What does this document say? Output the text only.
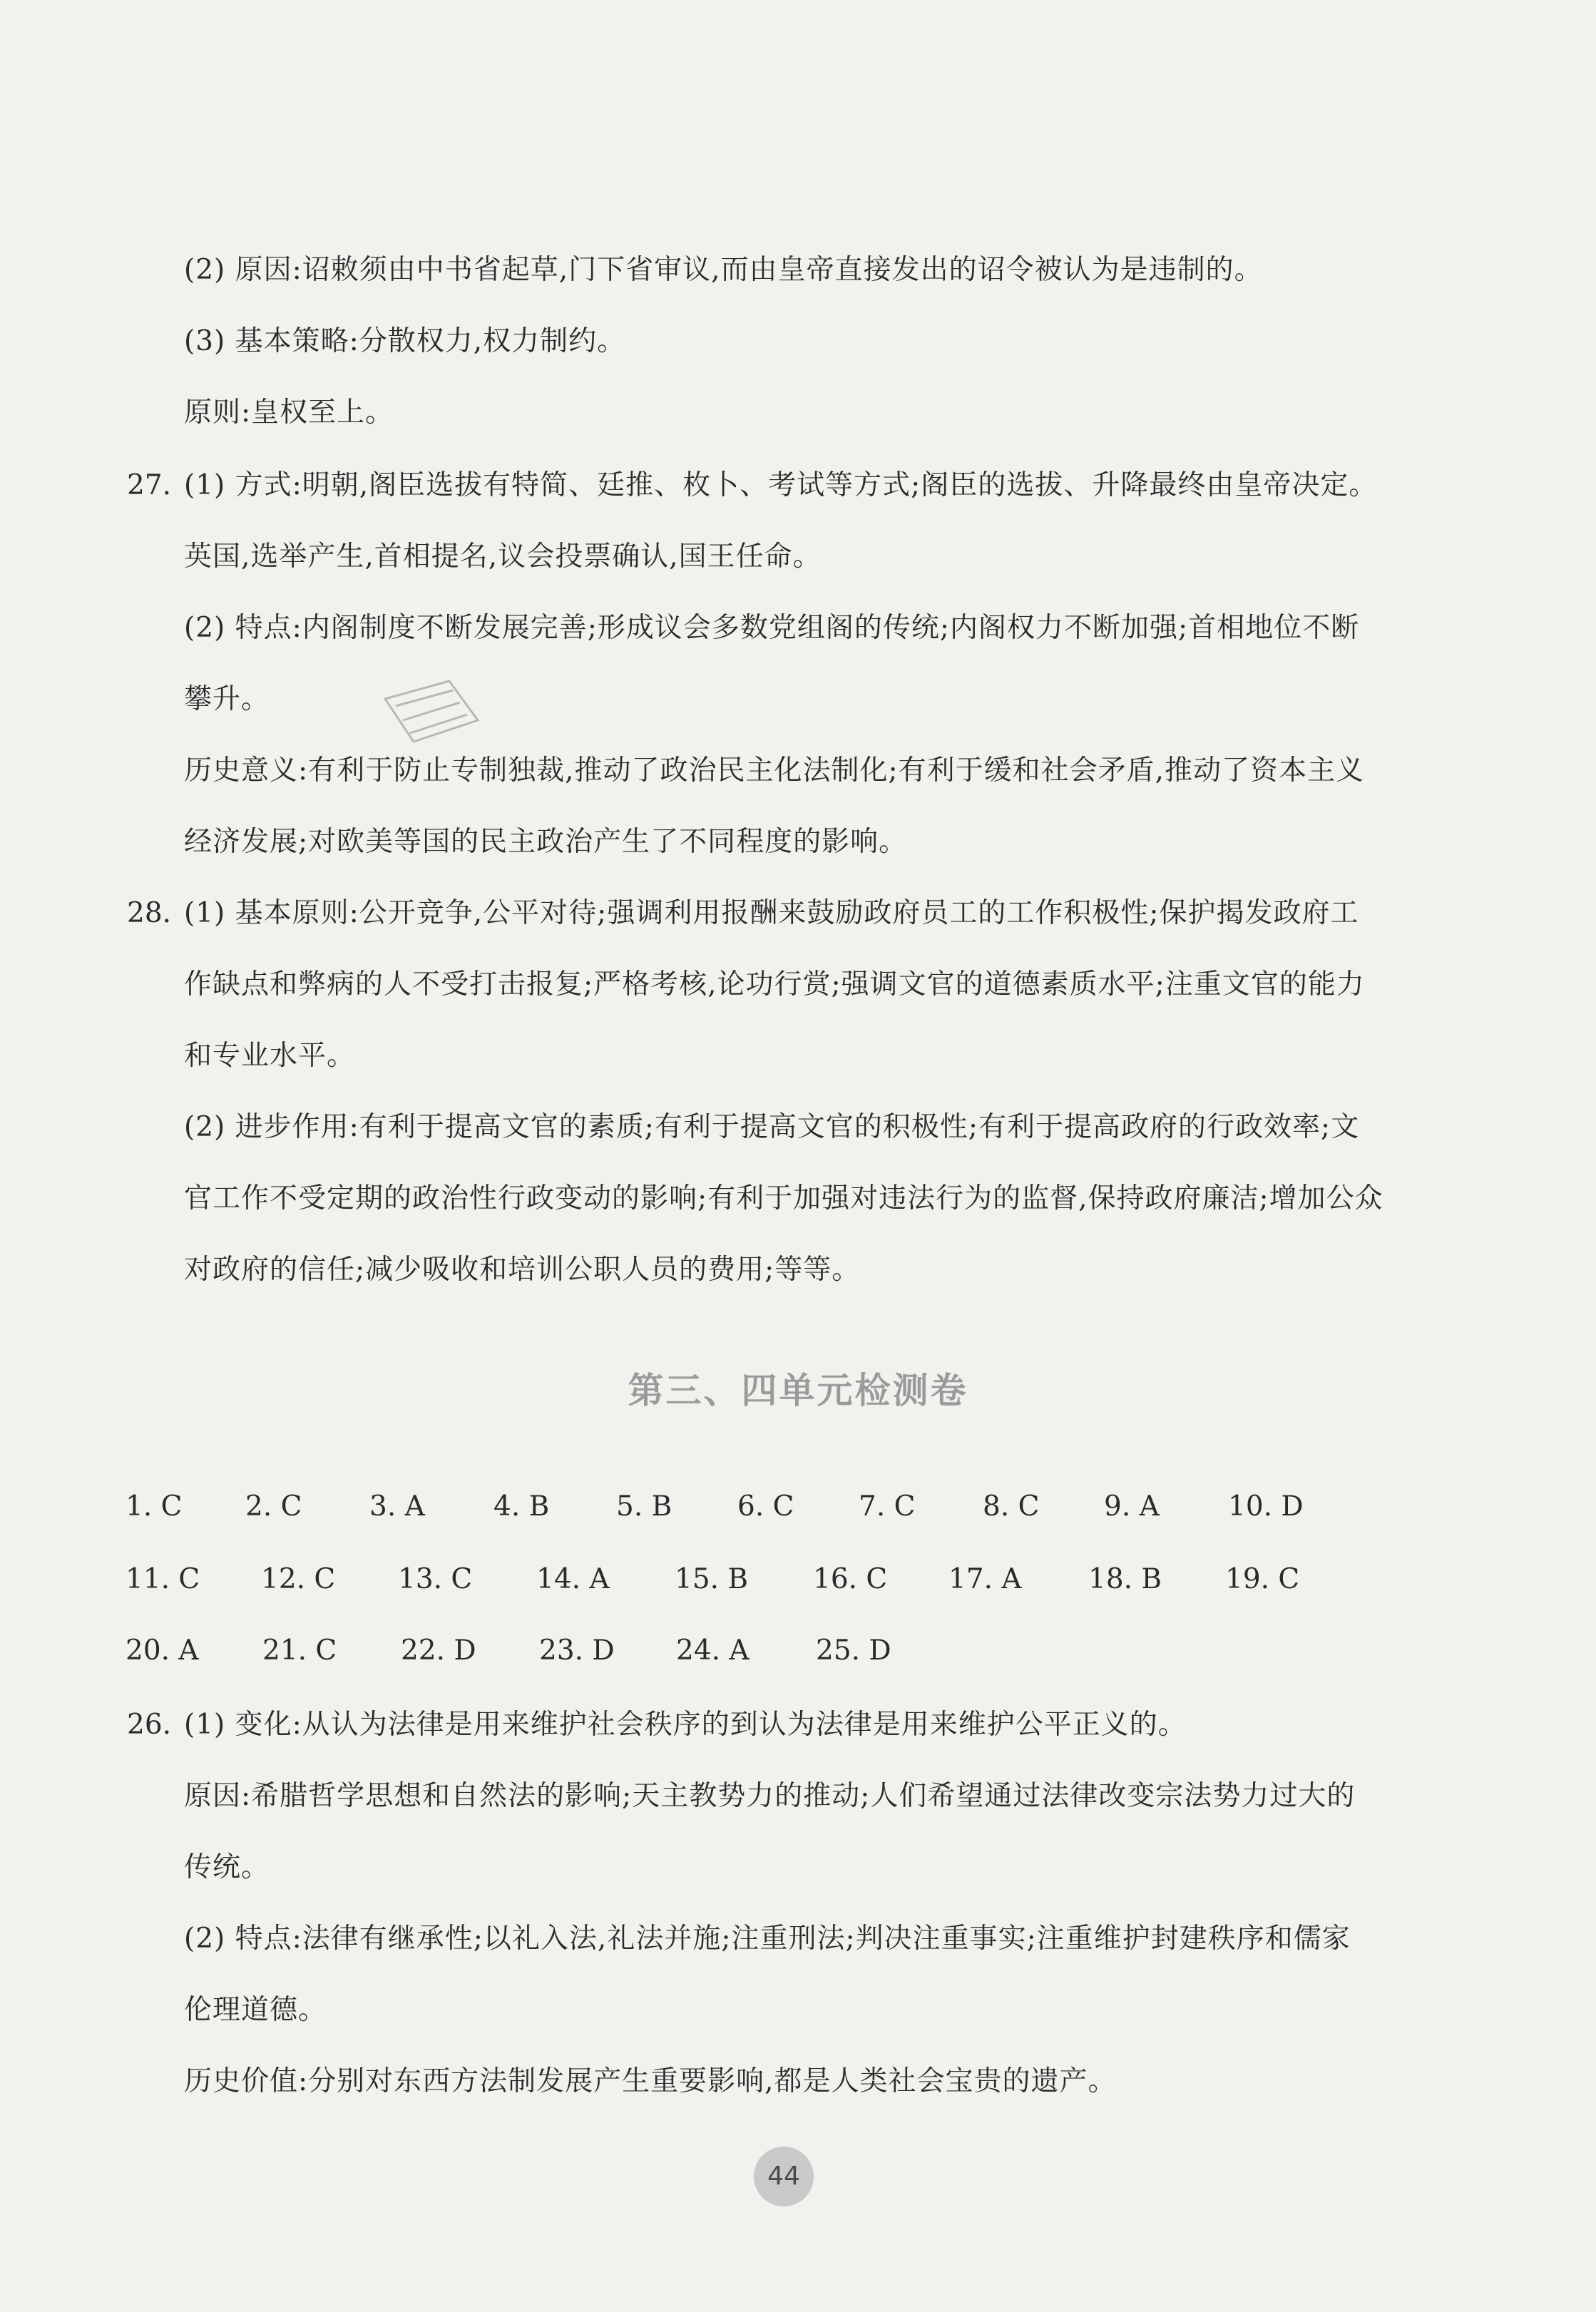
(2) 原因:诏敕须由中书省起草,门下省审议,而由皇帝直接发出的诏令被认为是违制的。
(3) 基本策略:分散权力,权力制约。
原则:皇权至上。
27. (1) 方式:明朝,阁臣选拔有特简、廷推、枚卜、考试等方式;阁臣的选拔、升降最终由皇帝决定。
英国,选举产生,首相提名,议会投票确认,国王任命。
(2) 特点:内阁制度不断发展完善;形成议会多数党组阁的传统;内阁权力不断加强;首相地位不断
攀升。
历史意义:有利于防止专制独裁,推动了政治民主化法制化;有利于缓和社会矛盾,推动了资本主义
经济发展;对欧美等国的民主政治产生了不同程度的影响。
28. (1) 基本原则:公开竞争,公平对待;强调利用报酬来鼓励政府员工的工作积极性;保护揭发政府工
作缺点和弊病的人不受打击报复;严格考核,论功行赏;强调文官的道德素质水平;注重文官的能力
和专业水平。
(2) 进步作用:有利于提高文官的素质;有利于提高文官的积极性;有利于提高政府的行政效率;文
官工作不受定期的政治性行政变动的影响;有利于加强对违法行为的监督,保持政府廉洁;增加公众
对政府的信任;减少吸收和培训公职人员的费用;等等。
第三、四单元检测卷
1. C 2. C 3. A 4. B 5. B 6. C 7. C 8. C 9. A 10. D
11. C 12. C 13. C 14. A 15. B 16. C 17. A 18. B 19. C
20. A 21. C 22. D 23. D 24. A 25. D
26. (1) 变化:从认为法律是用来维护社会秩序的到认为法律是用来维护公平正义的。
原因:希腊哲学思想和自然法的影响;天主教势力的推动;人们希望通过法律改变宗法势力过大的
传统。
(2) 特点:法律有继承性;以礼入法,礼法并施;注重刑法;判决注重事实;注重维护封建秩序和儒家
伦理道德。
历史价值:分别对东西方法制发展产生重要影响,都是人类社会宝贵的遗产。
44
